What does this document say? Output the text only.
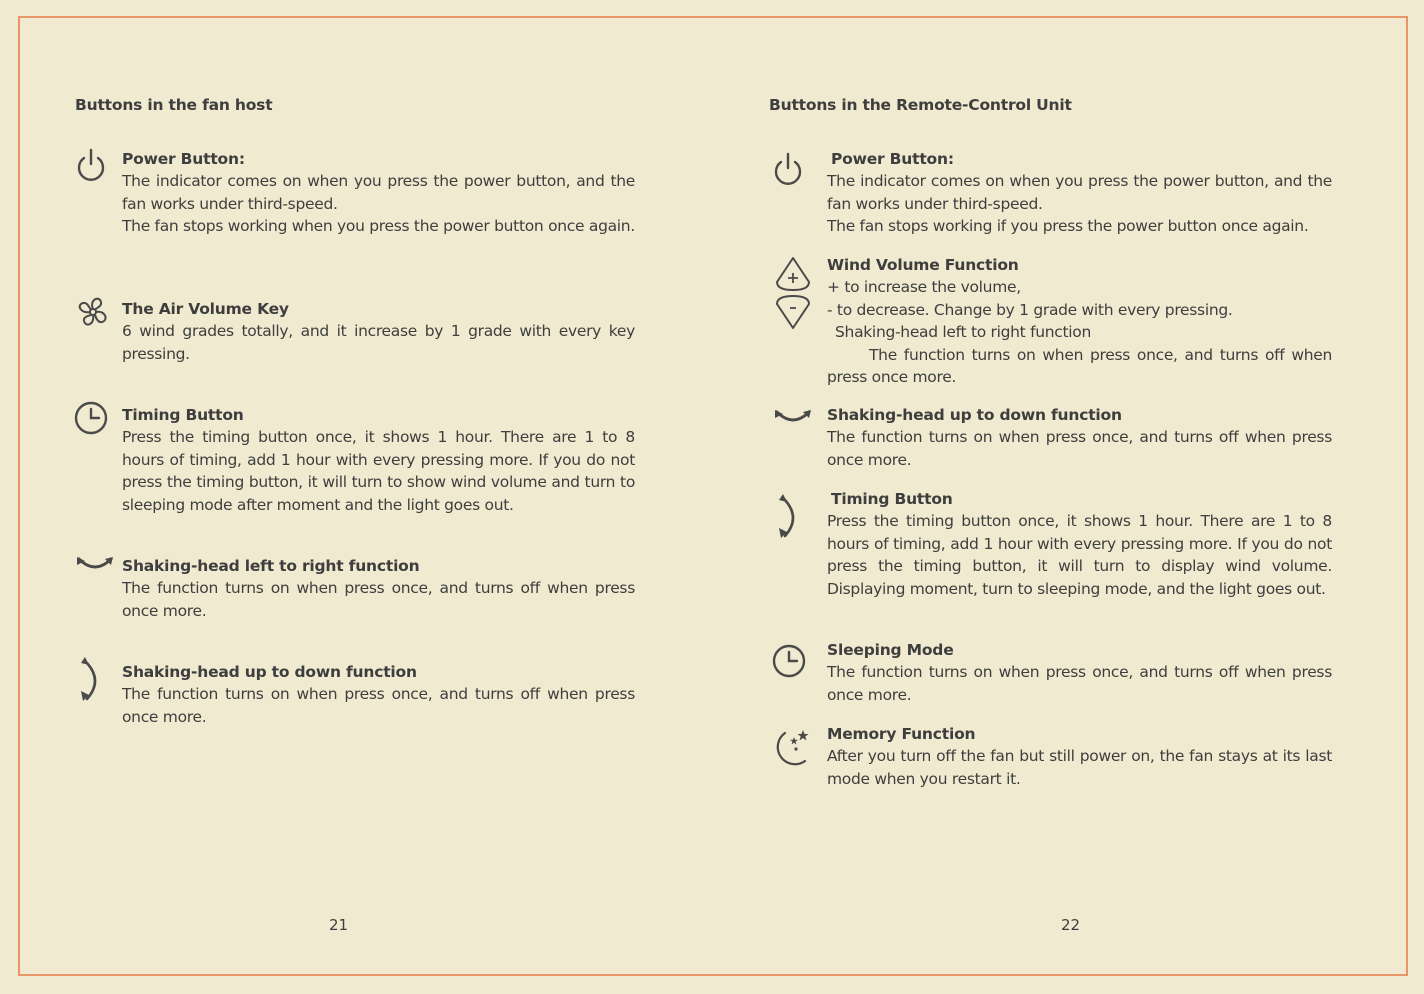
Buttons in the fan host
Power Button:

The indicator comes on when you press the power button, and the fan works under third-speed.

The fan stops working when you press the power button once again.

The Air Volume Key

6 wind grades totally, and it increase by 1 grade with every key pressing.

Timing Button

Press the timing button once, it shows 1 hour. There are 1 to 8 hours of timing, add 1 hour with every pressing more. If you do not press the timing button, it will turn to show wind volume and turn to sleeping mode after moment and the light goes out.

Shaking-head left to right function

The function turns on when press once, and turns off when press once more.

Shaking-head up to down function

The function turns on when press once, and turns off when press once more.

21
Buttons in the Remote-Control Unit
Power Button:

The indicator comes on when you press the power button, and the fan works under third-speed.

The fan stops working if you press the power button once again.

Wind Volume Function

+ to increase the volume,

- to decrease. Change by 1 grade with every pressing.

Shaking-head left to right function

The function turns on when press once, and turns off when press once more.

Shaking-head up to down function

The function turns on when press once, and turns off when press once more.

Timing Button

Press the timing button once, it shows 1 hour. There are 1 to 8 hours of timing, add 1 hour with every pressing more. If you do not press the timing button, it will turn to display wind volume. Displaying moment, turn to sleeping mode, and the light goes out.

Sleeping Mode

The function turns on when press once, and turns off when press once more.

Memory Function

After you turn off the fan but still power on, the fan stays at its last mode when you restart it.

22
